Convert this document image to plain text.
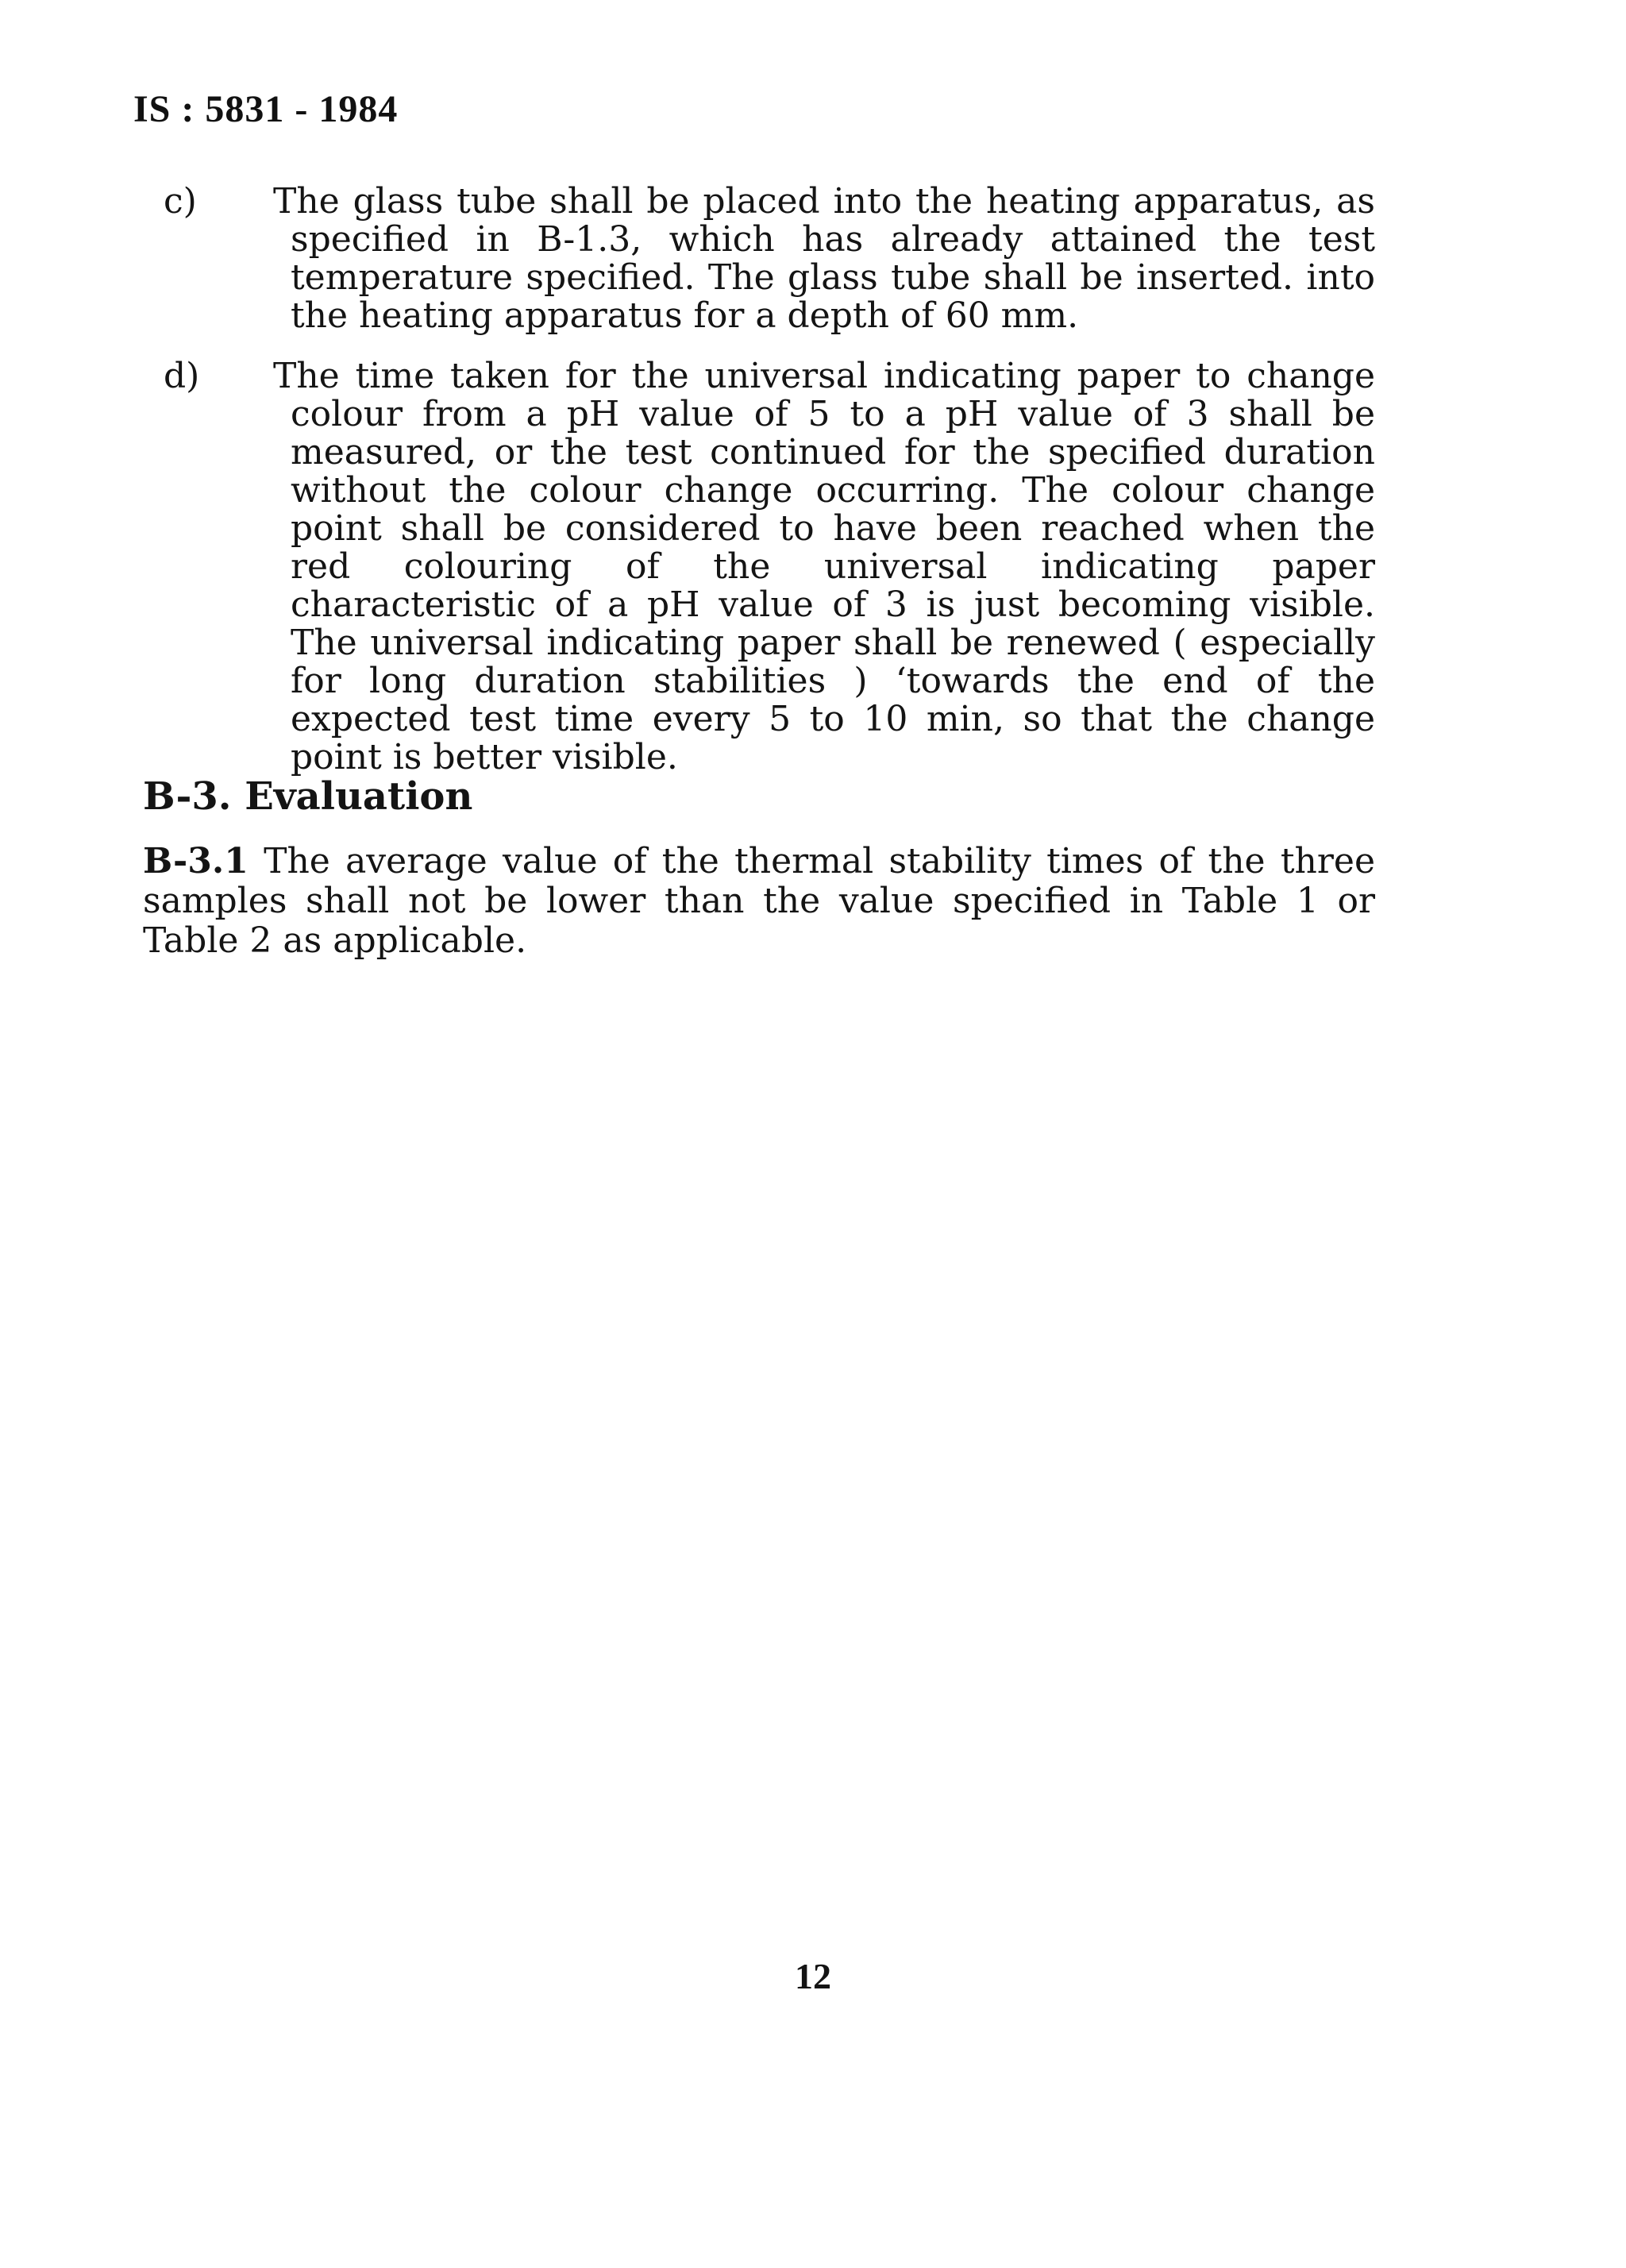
IS : 5831 - 1984
c) The glass tube shall be placed into the heating apparatus, as specified in B-1.3, which has already attained the test temperature specified. The glass tube shall be inserted. into the heating apparatus for a depth of 60 mm.
d) The time taken for the universal indicating paper to change colour from a pH value of 5 to a pH value of 3 shall be measured, or the test continued for the specified duration without the colour change occurring. The colour change point shall be considered to have been reached when the red colouring of the universal indicating paper characteristic of a pH value of 3 is just becoming visible. The universal indicating paper shall be renewed ( especially for long duration stabilities ) ‘towards the end of the expected test time every 5 to 10 min, so that the change point is better visible.
B-3. Evaluation

B-3.1 The average value of the thermal stability times of the three samples shall not be lower than the value specified in Table 1 or Table 2 as applicable.

12
